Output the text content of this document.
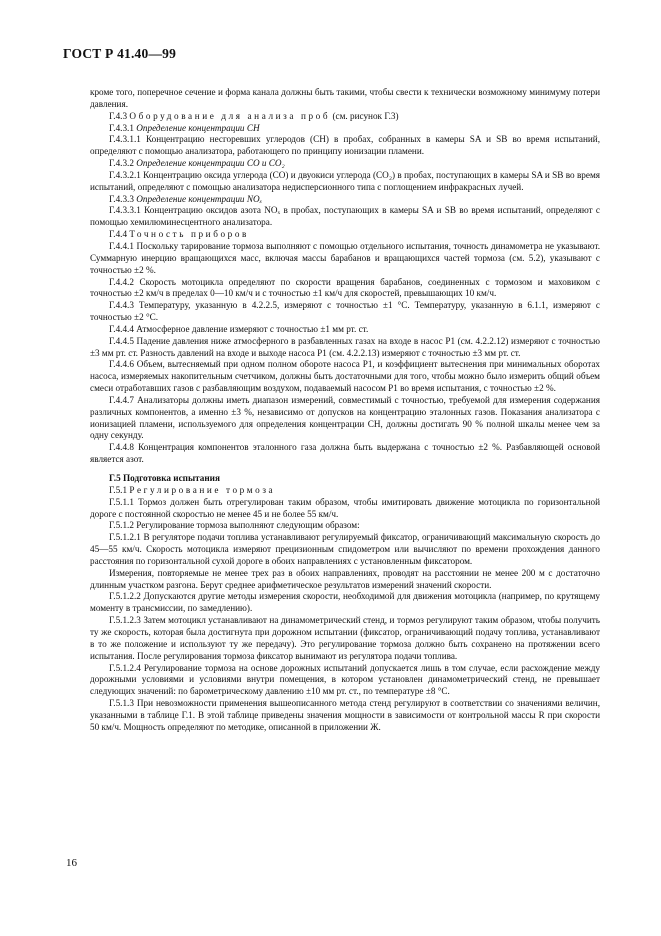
ГОСТ Р 41.40—99

кроме того, поперечное сечение и форма канала должны быть такими, чтобы свести к технически возможному минимуму потери давления.

Г.4.3 Оборудование для анализа проб (см. рисунок Г.3)

Г.4.3.1 Определение концентрации CH

Г.4.3.1.1 Концентрацию несгоревших углеродов (CH) в пробах, собранных в камеры SA и SB во время испытаний, определяют с помощью анализатора, работающего по принципу ионизации пламени.

Г.4.3.2 Определение концентрации CO и CO₂

Г.4.3.2.1 Концентрацию оксида углерода (CO) и двуокиси углерода (CO₂) в пробах, поступающих в камеры SA и SB во время испытаний, определяют с помощью анализатора недисперсионного типа с поглощением инфракрасных лучей.

Г.4.3.3 Определение концентрации NOₓ

Г.4.3.3.1 Концентрацию оксидов азота NOₓ в пробах, поступающих в камеры SA и SB во время испытаний, определяют с помощью хемилюминесцентного анализатора.

Г.4.4 Точность приборов

Г.4.4.1 Поскольку тарирование тормоза выполняют с помощью отдельного испытания, точность динамометра не указывают. Суммарную инерцию вращающихся масс, включая массы барабанов и вращающихся частей тормоза (см. 5.2), указывают с точностью ±2 %.

Г.4.4.2 Скорость мотоцикла определяют по скорости вращения барабанов, соединенных с тормозом и маховиком с точностью ±2 км/ч в пределах 0—10 км/ч и с точностью ±1 км/ч для скоростей, превышающих 10 км/ч.

Г.4.4.3 Температуру, указанную в 4.2.2.5, измеряют с точностью ±1 °С. Температуру, указанную в 6.1.1, измеряют с точностью ±2 °С.

Г.4.4.4 Атмосферное давление измеряют с точностью ±1 мм рт. ст.

Г.4.4.5 Падение давления ниже атмосферного в разбавленных газах на входе в насос P1 (см. 4.2.2.12) измеряют с точностью ±3 мм рт. ст. Разность давлений на входе и выходе насоса P1 (см. 4.2.2.13) измеряют с точностью ±3 мм рт. ст.

Г.4.4.6 Объем, вытесняемый при одном полном обороте насоса P1, и коэффициент вытеснения при минимальных оборотах насоса, измеряемых накопительным счетчиком, должны быть достаточными для того, чтобы можно было измерить общий объем смеси отработавших газов с разбавляющим воздухом, подаваемый насосом P1 во время испытания, с точностью ±2 %.

Г.4.4.7 Анализаторы должны иметь диапазон измерений, совместимый с точностью, требуемой для измерения содержания различных компонентов, а именно ±3 %, независимо от допусков на концентрацию эталонных газов. Показания анализатора с ионизацией пламени, используемого для определения концентрации CH, должны достигать 90 % полной шкалы менее чем за одну секунду.

Г.4.4.8 Концентрация компонентов эталонного газа должна быть выдержана с точностью ±2 %. Разбавляющей основой является азот.

Г.5 Подготовка испытания

Г.5.1 Регулирование тормоза

Г.5.1.1 Тормоз должен быть отрегулирован таким образом, чтобы имитировать движение мотоцикла по горизонтальной дороге с постоянной скоростью не менее 45 и не более 55 км/ч.

Г.5.1.2 Регулирование тормоза выполняют следующим образом:

Г.5.1.2.1 В регуляторе подачи топлива устанавливают регулируемый фиксатор, ограничивающий максимальную скорость до 45—55 км/ч. Скорость мотоцикла измеряют прецизионным спидометром или вычисляют по времени прохождения данного расстояния по горизонтальной сухой дороге в обоих направлениях с установленным фиксатором.

Измерения, повторяемые не менее трех раз в обоих направлениях, проводят на расстоянии не менее 200 м с достаточно длинным участком разгона. Берут среднее арифметическое результатов измерений значений скорости.

Г.5.1.2.2 Допускаются другие методы измерения скорости, необходимой для движения мотоцикла (например, по крутящему моменту в трансмиссии, по замедлению).

Г.5.1.2.3 Затем мотоцикл устанавливают на динамометрический стенд, и тормоз регулируют таким образом, чтобы получить ту же скорость, которая была достигнута при дорожном испытании (фиксатор, ограничивающий подачу топлива, устанавливают в то же положение и используют ту же передачу). Это регулирование тормоза должно быть сохранено на протяжении всего испытания. После регулирования тормоза фиксатор вынимают из регулятора подачи топлива.

Г.5.1.2.4 Регулирование тормоза на основе дорожных испытаний допускается лишь в том случае, если расхождение между дорожными условиями и условиями внутри помещения, в котором установлен динамометрический стенд, не превышает следующих значений: по барометрическому давлению ±10 мм рт. ст., по температуре ±8 °С.

Г.5.1.3 При невозможности применения вышеописанного метода стенд регулируют в соответствии со значениями величин, указанными в таблице Г.1. В этой таблице приведены значения мощности в зависимости от контрольной массы R при скорости 50 км/ч. Мощность определяют по методике, описанной в приложении Ж.

16
